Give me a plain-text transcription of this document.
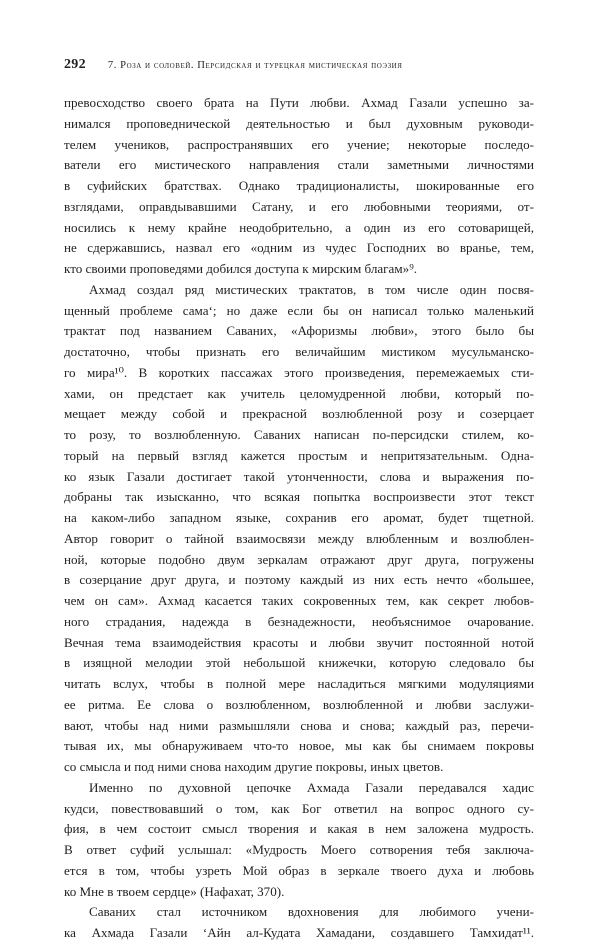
292 7. Роза и соловей. Персидская и турецкая мистическая поэзия
превосходство своего брата на Пути любви. Ахмад Газали успешно за-
нимался проповеднической деятельностью и был духовным руководи-
телем учеников, распространявших его учение; некоторые последо-
ватели его мистического направления стали заметными личностями
в суфийских братствах. Однако традиционалисты, шокированные его
взглядами, оправдывавшими Сатану, и его любовными теориями, от-
носились к нему крайне неодобрительно, а один из его сотоварищей,
не сдержавшись, назвал его «одним из чудес Господних во вранье, тем,
кто своими проповедями добился доступа к мирским благам»⁹.
Ахмад создал ряд мистических трактатов, в том числе один посвя-
щенный проблеме сама‘; но даже если бы он написал только маленький
трактат под названием Саваних, «Афоризмы любви», этого было бы
достаточно, чтобы признать его величайшим мистиком мусульманско-
го мира¹⁰. В коротких пассажах этого произведения, перемежаемых сти-
хами, он предстает как учитель целомудренной любви, который по-
мещает между собой и прекрасной возлюбленной розу и созерцает
то розу, то возлюбленную. Саваних написан по-персидски стилем, ко-
торый на первый взгляд кажется простым и непритязательным. Одна-
ко язык Газали достигает такой утонченности, слова и выражения по-
добраны так изысканно, что всякая попытка воспроизвести этот текст
на каком-либо западном языке, сохранив его аромат, будет тщетной.
Автор говорит о тайной взаимосвязи между влюбленным и возлюблен-
ной, которые подобно двум зеркалам отражают друг друга, погружены
в созерцание друг друга, и поэтому каждый из них есть нечто «большее,
чем он сам». Ахмад касается таких сокровенных тем, как секрет любов-
ного страдания, надежда в безнадежности, необъяснимое очарование.
Вечная тема взаимодействия красоты и любви звучит постоянной нотой
в изящной мелодии этой небольшой книжечки, которую следовало бы
читать вслух, чтобы в полной мере насладиться мягкими модуляциями
ее ритма. Ее слова о возлюбленном, возлюбленной и любви заслужи-
вают, чтобы над ними размышляли снова и снова; каждый раз, перечи-
тывая их, мы обнаруживаем что-то новое, мы как бы снимаем покровы
со смысла и под ними снова находим другие покровы, иных цветов.
Именно по духовной цепочке Ахмада Газали передавался хадис
кудси, повествовавший о том, как Бог ответил на вопрос одного су-
фия, в чем состоит смысл творения и какая в нем заложена мудрость.
В ответ суфий услышал: «Мудрость Моего сотворения тебя заключа-
ется в том, чтобы узреть Мой образ в зеркале твоего духа и любовь
ко Мне в твоем сердце» (Нафахат, 370).
Саваних стал источником вдохновения для любимого учени-
ка Ахмада Газали ‘Айн ал-Кудата Хамадани, создавшего Тамхидат¹¹.
